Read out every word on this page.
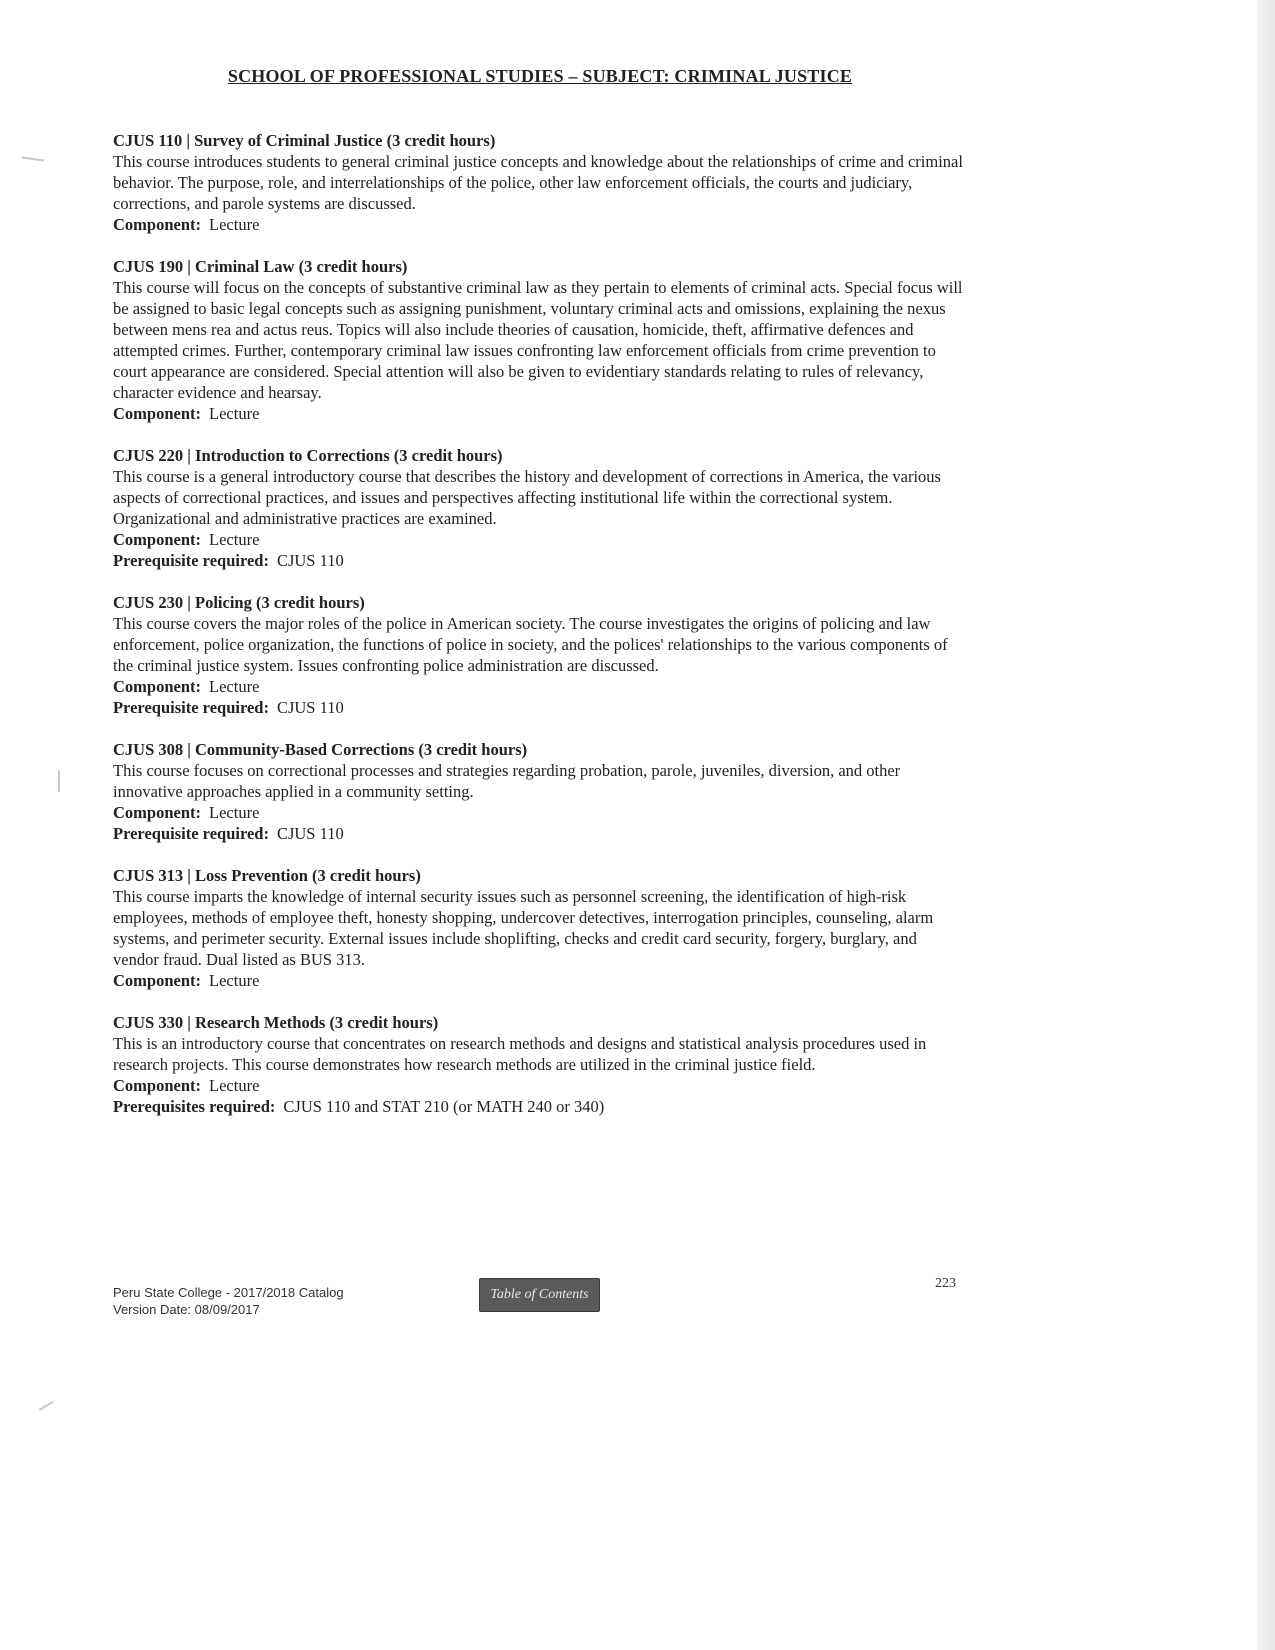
SCHOOL OF PROFESSIONAL STUDIES – SUBJECT: CRIMINAL JUSTICE
CJUS 110 | Survey of Criminal Justice (3 credit hours)

This course introduces students to general criminal justice concepts and knowledge about the relationships of crime and criminal behavior. The purpose, role, and interrelationships of the police, other law enforcement officials, the courts and judiciary, corrections, and parole systems are discussed.

Component: Lecture

CJUS 190 | Criminal Law (3 credit hours)

This course will focus on the concepts of substantive criminal law as they pertain to elements of criminal acts. Special focus will be assigned to basic legal concepts such as assigning punishment, voluntary criminal acts and omissions, explaining the nexus between mens rea and actus reus. Topics will also include theories of causation, homicide, theft, affirmative defences and attempted crimes. Further, contemporary criminal law issues confronting law enforcement officials from crime prevention to court appearance are considered. Special attention will also be given to evidentiary standards relating to rules of relevancy, character evidence and hearsay.

Component: Lecture

CJUS 220 | Introduction to Corrections (3 credit hours)

This course is a general introductory course that describes the history and development of corrections in America, the various aspects of correctional practices, and issues and perspectives affecting institutional life within the correctional system. Organizational and administrative practices are examined.

Component: Lecture

Prerequisite required: CJUS 110

CJUS 230 | Policing (3 credit hours)

This course covers the major roles of the police in American society. The course investigates the origins of policing and law enforcement, police organization, the functions of police in society, and the polices' relationships to the various components of the criminal justice system. Issues confronting police administration are discussed.

Component: Lecture

Prerequisite required: CJUS 110

CJUS 308 | Community-Based Corrections (3 credit hours)

This course focuses on correctional processes and strategies regarding probation, parole, juveniles, diversion, and other innovative approaches applied in a community setting.

Component: Lecture

Prerequisite required: CJUS 110

CJUS 313 | Loss Prevention (3 credit hours)

This course imparts the knowledge of internal security issues such as personnel screening, the identification of high-risk employees, methods of employee theft, honesty shopping, undercover detectives, interrogation principles, counseling, alarm systems, and perimeter security. External issues include shoplifting, checks and credit card security, forgery, burglary, and vendor fraud. Dual listed as BUS 313.

Component: Lecture

CJUS 330 | Research Methods (3 credit hours)

This is an introductory course that concentrates on research methods and designs and statistical analysis procedures used in research projects. This course demonstrates how research methods are utilized in the criminal justice field.

Component: Lecture

Prerequisites required: CJUS 110 and STAT 210 (or MATH 240 or 340)

Peru State College - 2017/2018 Catalog
Version Date: 08/09/2017
Table of Contents
223
